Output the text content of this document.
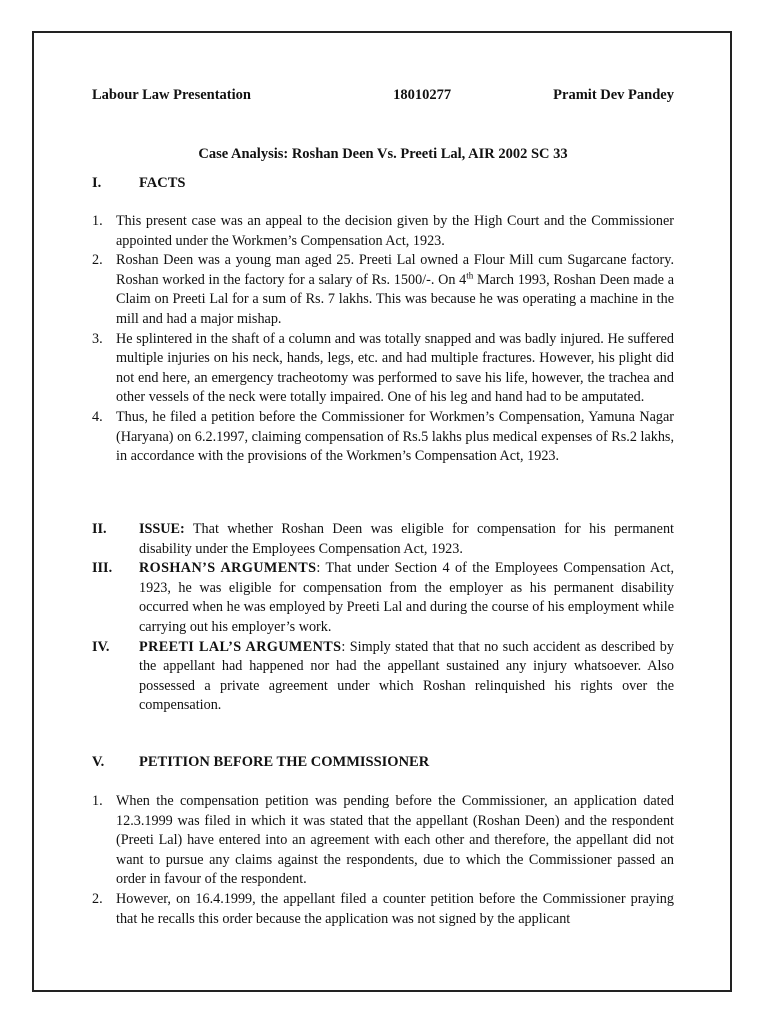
Labour Law Presentation	18010277	Pramit Dev Pandey
Case Analysis: Roshan Deen Vs. Preeti Lal, AIR 2002 SC 33
I.	FACTS
1. This present case was an appeal to the decision given by the High Court and the Commissioner appointed under the Workmen’s Compensation Act, 1923.
2. Roshan Deen was a young man aged 25. Preeti Lal owned a Flour Mill cum Sugarcane factory. Roshan worked in the factory for a salary of Rs. 1500/-. On 4th March 1993, Roshan Deen made a Claim on Preeti Lal for a sum of Rs. 7 lakhs. This was because he was operating a machine in the mill and had a major mishap.
3. He splintered in the shaft of a column and was totally snapped and was badly injured. He suffered multiple injuries on his neck, hands, legs, etc. and had multiple fractures. However, his plight did not end here, an emergency tracheotomy was performed to save his life, however, the trachea and other vessels of the neck were totally impaired. One of his leg and hand had to be amputated.
4. Thus, he filed a petition before the Commissioner for Workmen’s Compensation, Yamuna Nagar (Haryana) on 6.2.1997, claiming compensation of Rs.5 lakhs plus medical expenses of Rs.2 lakhs, in accordance with the provisions of the Workmen’s Compensation Act, 1923.
II. ISSUE: That whether Roshan Deen was eligible for compensation for his permanent disability under the Employees Compensation Act, 1923.
III. ROSHAN’S ARGUMENTS: That under Section 4 of the Employees Compensation Act, 1923, he was eligible for compensation from the employer as his permanent disability occurred when he was employed by Preeti Lal and during the course of his employment while carrying out his employer’s work.
IV. PREETI LAL’S ARGUMENTS: Simply stated that that no such accident as described by the appellant had happened nor had the appellant sustained any injury whatsoever. Also possessed a private agreement under which Roshan relinquished his rights over the compensation.
V. PETITION BEFORE THE COMMISSIONER
1. When the compensation petition was pending before the Commissioner, an application dated 12.3.1999 was filed in which it was stated that the appellant (Roshan Deen) and the respondent (Preeti Lal) have entered into an agreement with each other and therefore, the appellant did not want to pursue any claims against the respondents, due to which the Commissioner passed an order in favour of the respondent.
2. However, on 16.4.1999, the appellant filed a counter petition before the Commissioner praying that he recalls this order because the application was not signed by the applicant
